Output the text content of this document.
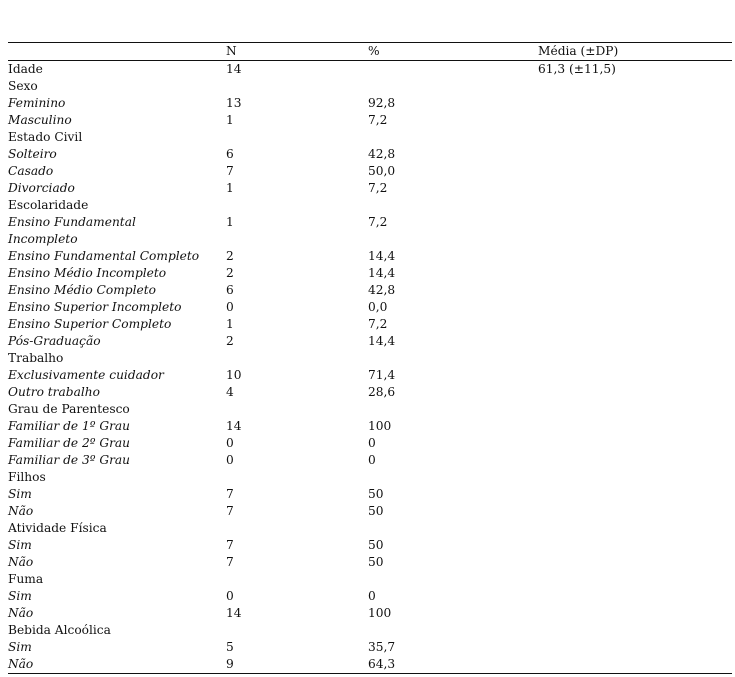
	N	%	Média (±DP)
Idade	14		61,3 (±11,5)
Sexo			
Feminino	13	92,8	
Masculino	1	7,2	
Estado Civil			
Solteiro	6	42,8	
Casado	7	50,0	
Divorciado	1	7,2	
Escolaridade			

Ensino Fundamental
Incompleto	1	7,2	
Ensino Fundamental Completo	2	14,4	
Ensino Médio Incompleto	2	14,4	
Ensino Médio Completo	6	42,8	
Ensino Superior Incompleto	0	0,0	
Ensino Superior Completo	1	7,2	
Pós-Graduação	2	14,4	
Trabalho			
Exclusivamente cuidador	10	71,4	
Outro trabalho	4	28,6	
Grau de Parentesco			
Familiar de 1º Grau	14	100	
Familiar de 2º Grau	0	0	
Familiar de 3º Grau	0	0	
Filhos			
Sim	7	50	
Não	7	50	
Atividade Física			
Sim	7	50	
Não	7	50	
Fuma			
Sim	0	0	
Não	14	100	
Bebida Alcoólica			
Sim	5	35,7	
Não	9	64,3	
